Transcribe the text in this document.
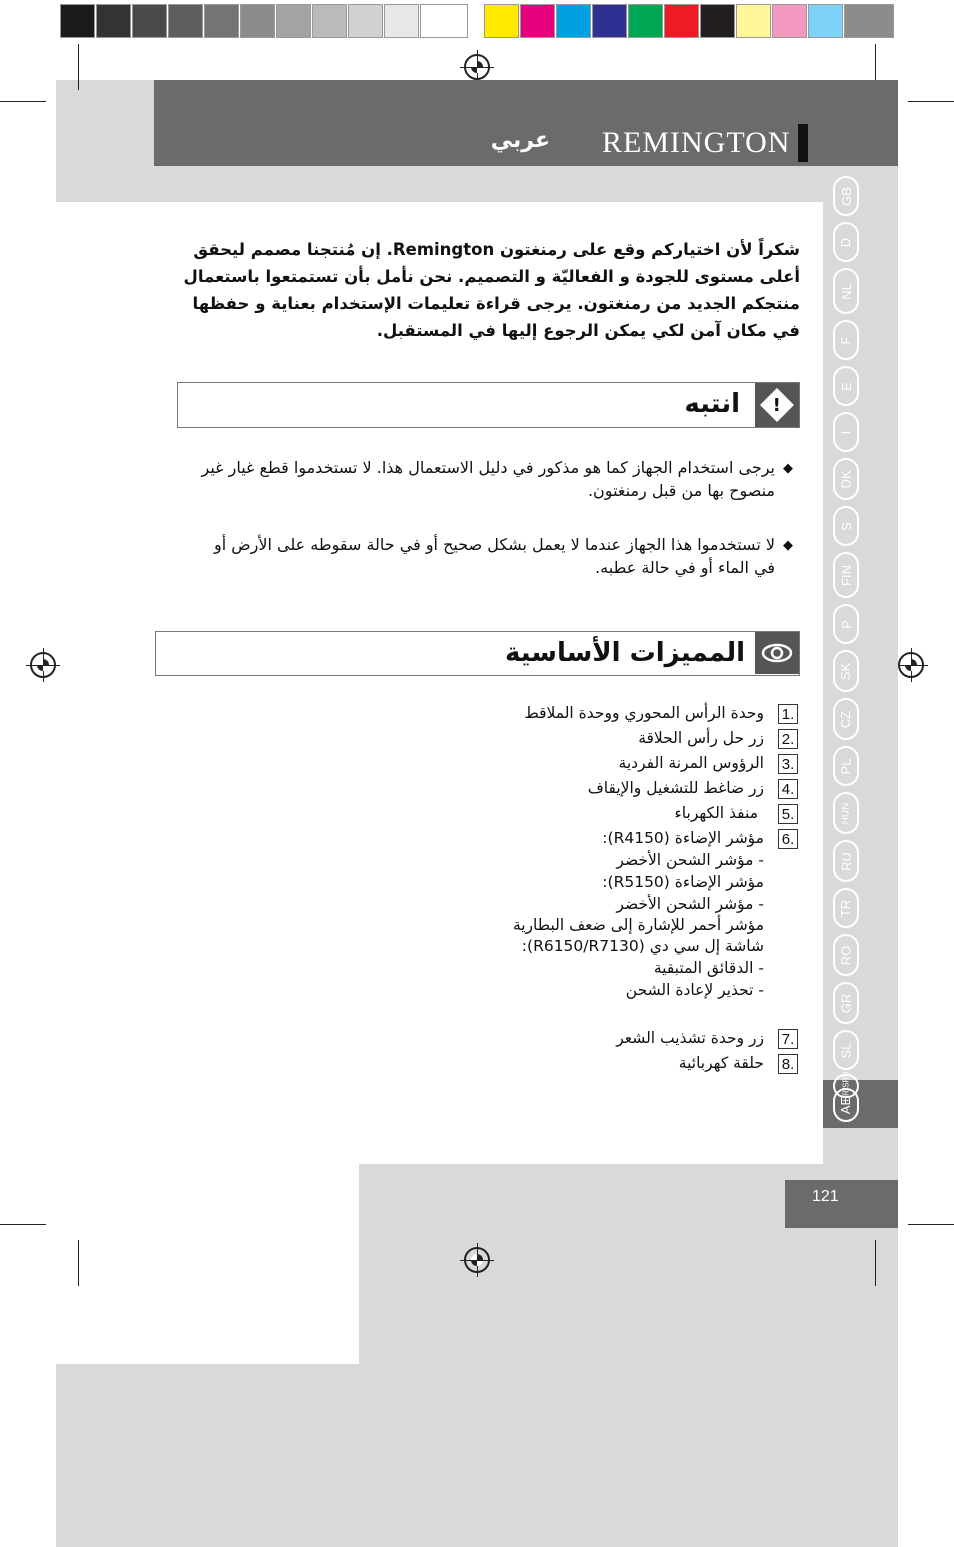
عربي REMINGTON
GB
D
NL
F
E
I
DK
S
FIN
P
SK
CZ
PL
HUN
RU
TR
RO
GR
SL
HR/SRB
AE
شكراً لأن اختياركم وقع على رمنغتون Remington. إن مُنتجنا مصمم ليحقق أعلى مستوى للجودة و الفعاليّة و التصميم. نحن نأمل بأن تستمتعوا باستعمال منتجكم الجديد من رمنغتون. يرجى قراءة تعليمات الإستخدام بعناية و حفظها في مكان آمن لكي يمكن الرجوع إليها في المستقبل.
انتبه !
◆
يرجى استخدام الجهاز كما هو مذكور في دليل الاستعمال هذا. لا تستخدموا قطع غيار غير منصوح بها من قبل رمنغتون.
◆
لا تستخدموا هذا الجهاز عندما لا يعمل بشكل صحيح أو في حالة سقوطه على الأرض أو في الماء أو في حالة عطبه.
المميزات الأساسية
1.
وحدة الرأس المحوري ووحدة الملاقط
2.
زر حل رأس الحلاقة
3.
الرؤوس المرنة الفردية
4.
زر ضاغط للتشغيل والإيقاف
5.
منفذ الكهرباء
6.
مؤشر الإضاءة (R4150):
- مؤشر الشحن الأخضر
مؤشر الإضاءة (R5150):
- مؤشر الشحن الأخضر
مؤشر أحمر للإشارة إلى ضعف البطارية
شاشة إل سي دي (R6150/R7130):
- الدقائق المتبقية
- تحذير لإعادة الشحن
7.
زر وحدة تشذيب الشعر
8.
حلقة كهربائية
121
